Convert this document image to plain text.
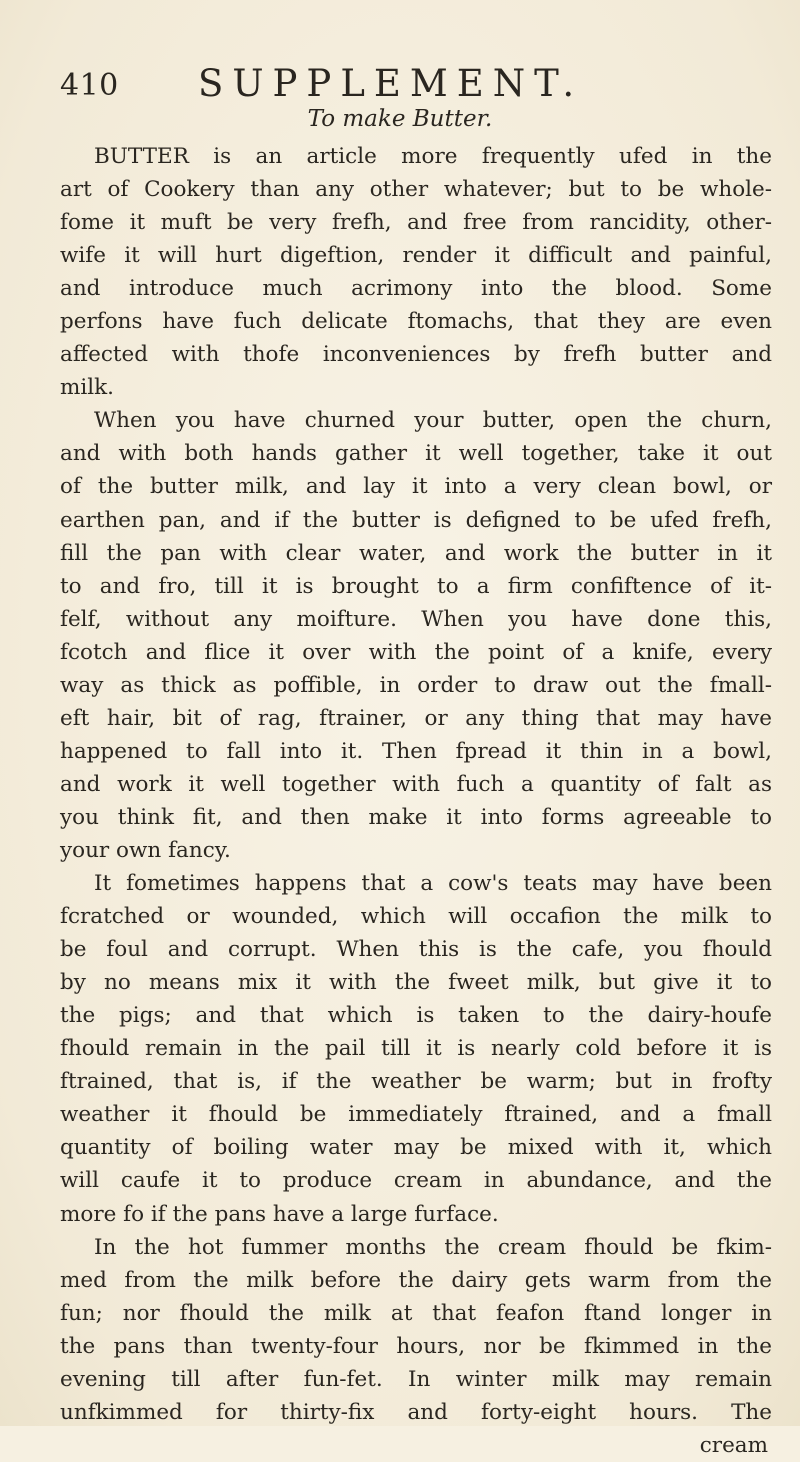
410 SUPPLEMENT.
To make Butter.
BUTTER is an article more frequently ufed in the
art of Cookery than any other whatever; but to be whole-
fome it muft be very frefh, and free from rancidity, other-
wife it will hurt digeftion, render it difficult and painful,
and introduce much acrimony into the blood. Some
perfons have fuch delicate ftomachs, that they are even
affected with thofe inconveniences by frefh butter and
milk.
When you have churned your butter, open the churn,
and with both hands gather it well together, take it out
of the butter milk, and lay it into a very clean bowl, or
earthen pan, and if the butter is defigned to be ufed frefh,
fill the pan with clear water, and work the butter in it
to and fro, till it is brought to a firm confiftence of it-
felf, without any moifture. When you have done this,
fcotch and flice it over with the point of a knife, every
way as thick as poffible, in order to draw out the fmall-
eft hair, bit of rag, ftrainer, or any thing that may have
happened to fall into it. Then fpread it thin in a bowl,
and work it well together with fuch a quantity of falt as
you think fit, and then make it into forms agreeable to
your own fancy.
It fometimes happens that a cow's teats may have been
fcratched or wounded, which will occafion the milk to
be foul and corrupt. When this is the cafe, you fhould
by no means mix it with the fweet milk, but give it to
the pigs; and that which is taken to the dairy-houfe
fhould remain in the pail till it is nearly cold before it is
ftrained, that is, if the weather be warm; but in frofty
weather it fhould be immediately ftrained, and a fmall
quantity of boiling water may be mixed with it, which
will caufe it to produce cream in abundance, and the
more fo if the pans have a large furface.
In the hot fummer months the cream fhould be fkim-
med from the milk before the dairy gets warm from the
fun; nor fhould the milk at that feafon ftand longer in
the pans than twenty-four hours, nor be fkimmed in the
evening till after fun-fet. In winter milk may remain
unfkimmed for thirty-fix and forty-eight hours. The
cream
